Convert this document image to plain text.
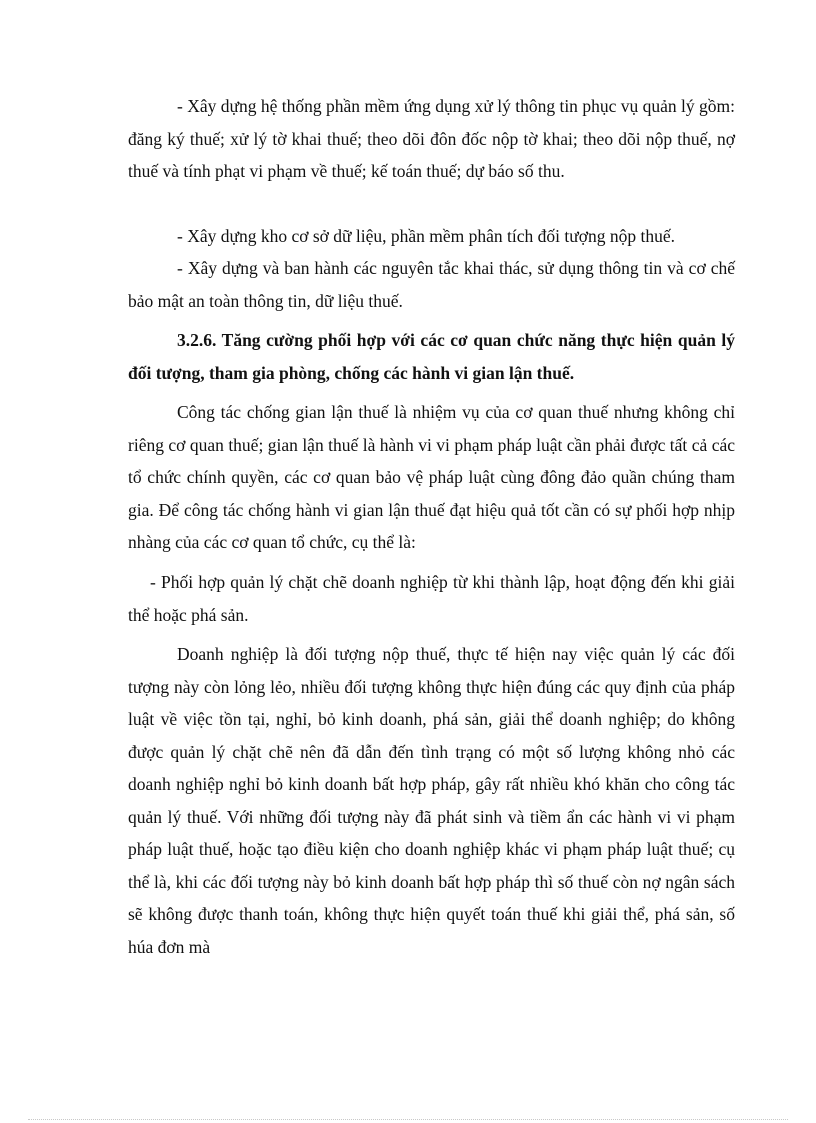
- Xây dựng hệ thống phần mềm ứng dụng xử lý thông tin phục vụ quản lý gồm: đăng ký thuế; xử lý tờ khai thuế; theo dõi đôn đốc nộp tờ khai; theo dõi nộp thuế, nợ thuế và tính phạt vi phạm về thuế; kế toán thuế; dự báo số thu.

- Xây dựng kho cơ sở dữ liệu, phần mềm phân tích đối tượng nộp thuế.

- Xây dựng và ban hành các nguyên tắc khai thác, sử dụng thông tin và cơ chế bảo mật an toàn thông tin, dữ liệu thuế.

3.2.6. Tăng cường phối hợp với các cơ quan chức năng thực hiện quản lý đối tượng, tham gia phòng, chống các hành vi gian lận thuế.

Công tác chống gian lận thuế là nhiệm vụ của cơ quan thuế nhưng không chỉ riêng cơ quan thuế; gian lận thuế là hành vi vi phạm pháp luật cần phải được tất cả các tổ chức chính quyền, các cơ quan bảo vệ pháp luật cùng đông đảo quần chúng tham gia. Để công tác chống hành vi gian lận thuế đạt hiệu quả tốt cần có sự phối hợp nhịp nhàng của các cơ quan tổ chức, cụ thể là:

- Phối hợp quản lý chặt chẽ doanh nghiệp từ khi thành lập, hoạt động đến khi giải thể hoặc phá sản.

Doanh nghiệp là đối tượng nộp thuế, thực tế hiện nay việc quản lý các đối tượng này còn lỏng lẻo, nhiều đối tượng không thực hiện đúng các quy định của pháp luật về việc tồn tại, nghỉ, bỏ kinh doanh, phá sản, giải thể doanh nghiệp; do không được quản lý chặt chẽ nên đã dẫn đến tình trạng có một số lượng không nhỏ các doanh nghiệp nghỉ bỏ kinh doanh bất hợp pháp, gây rất nhiều khó khăn cho công tác quản lý thuế. Với những đối tượng này đã phát sinh và tiềm ẩn các hành vi vi phạm pháp luật thuế, hoặc tạo điều kiện cho doanh nghiệp khác vi phạm pháp luật thuế; cụ thể là, khi các đối tượng này bỏ kinh doanh bất hợp pháp thì số thuế còn nợ ngân sách sẽ không được thanh toán, không thực hiện quyết toán thuế khi giải thể, phá sản, số húa đơn mà
